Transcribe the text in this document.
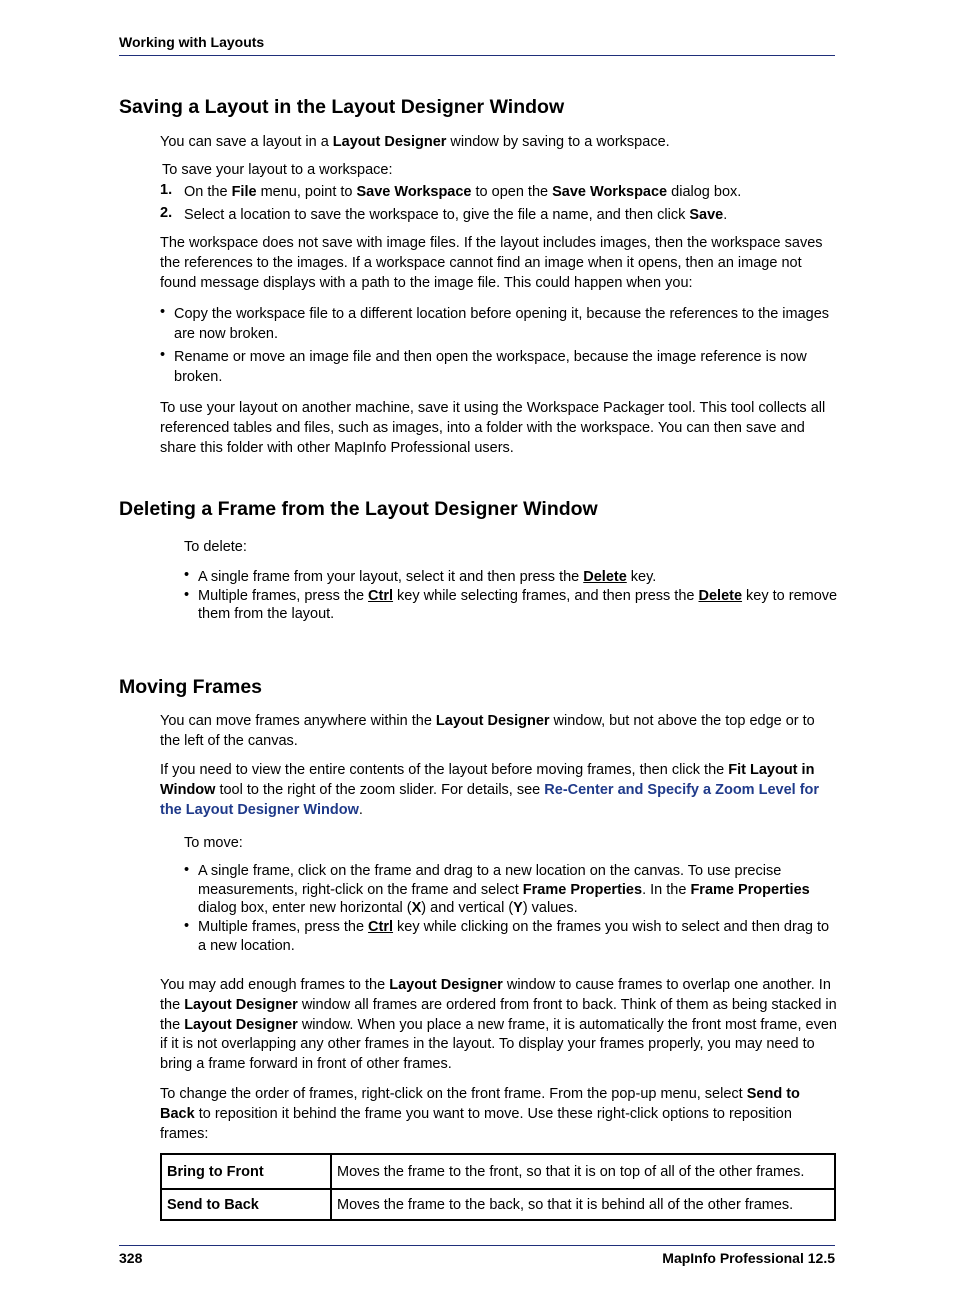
Working with Layouts
Saving a Layout in the Layout Designer Window

You can save a layout in a Layout Designer window by saving to a workspace.

To save your layout to a workspace:

1. On the File menu, point to Save Workspace to open the Save Workspace dialog box.

2. Select a location to save the workspace to, give the file a name, and then click Save.

The workspace does not save with image files. If the layout includes images, then the workspace saves the references to the images. If a workspace cannot find an image when it opens, then an image not found message displays with a path to the image file. This could happen when you:

• Copy the workspace file to a different location before opening it, because the references to the images are now broken.

• Rename or move an image file and then open the workspace, because the image reference is now broken.

To use your layout on another machine, save it using the Workspace Packager tool. This tool collects all referenced tables and files, such as images, into a folder with the workspace. You can then save and share this folder with other MapInfo Professional users.

Deleting a Frame from the Layout Designer Window

To delete:

• A single frame from your layout, select it and then press the Delete key.

• Multiple frames, press the Ctrl key while selecting frames, and then press the Delete key to remove them from the layout.

Moving Frames

You can move frames anywhere within the Layout Designer window, but not above the top edge or to the left of the canvas.

If you need to view the entire contents of the layout before moving frames, then click the Fit Layout in Window tool to the right of the zoom slider. For details, see Re-Center and Specify a Zoom Level for the Layout Designer Window.

To move:

• A single frame, click on the frame and drag to a new location on the canvas. To use precise measurements, right-click on the frame and select Frame Properties. In the Frame Properties dialog box, enter new horizontal (X) and vertical (Y) values.

• Multiple frames, press the Ctrl key while clicking on the frames you wish to select and then drag to a new location.

You may add enough frames to the Layout Designer window to cause frames to overlap one another. In the Layout Designer window all frames are ordered from front to back. Think of them as being stacked in the Layout Designer window. When you place a new frame, it is automatically the front most frame, even if it is not overlapping any other frames in the layout. To display your frames properly, you may need to bring a frame forward in front of other frames.

To change the order of frames, right-click on the front frame. From the pop-up menu, select Send to Back to reposition it behind the frame you want to move. Use these right-click options to reposition frames:

Bring to Front	Moves the frame to the front, so that it is on top of all of the other frames.
Send to Back	Moves the frame to the back, so that it is behind all of the other frames.
328	MapInfo Professional 12.5
